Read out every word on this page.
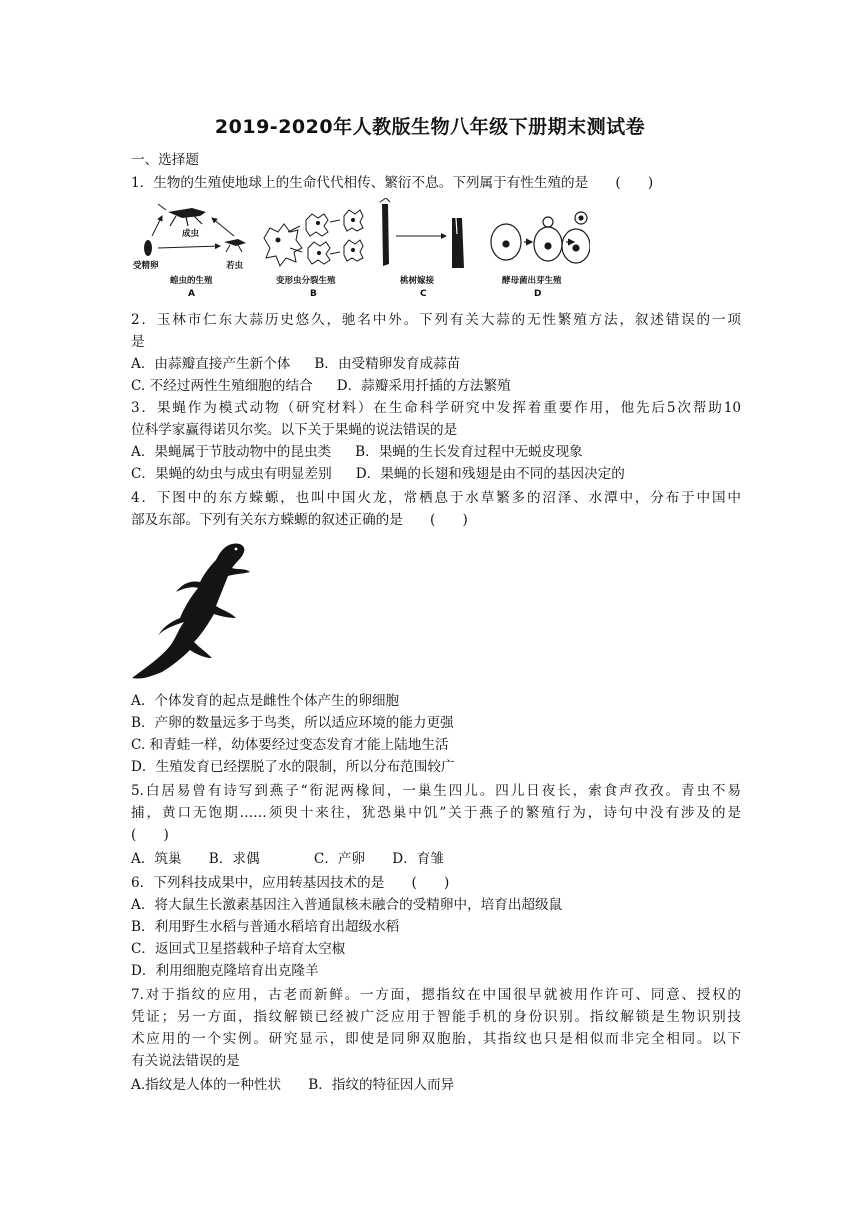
2019-2020年人教版生物八年级下册期末测试卷
一、选择题
1．生物的生殖使地球上的生命代代相传、繁衍不息。下列属于有性生殖的是　　(　　)
成虫
受精卵	若虫
蝗虫的生殖
A
变形虫分裂生殖
B
桃树嫁接
C
酵母菌出芽生殖
D
2．玉林市仁东大蒜历史悠久，驰名中外。下列有关大蒜的无性繁殖方法，叙述错误的一项
是
A．由蒜瓣直接产生新个体 B．由受精卵发育成蒜苗
C. 不经过两性生殖细胞的结合 D．蒜瓣采用扦插的方法繁殖
3．果蝇作为模式动物（研究材料）在生命科学研究中发挥着重要作用，他先后5次帮助10
位科学家赢得诺贝尔奖。以下关于果蝇的说法错误的是
A．果蝇属于节肢动物中的昆虫类 B．果蝇的生长发育过程中无蜕皮现象
C．果蝇的幼虫与成虫有明显差别 D．果蝇的长翅和残翅是由不同的基因决定的
4．下图中的东方蝾螈，也叫中国火龙，常栖息于水草繁多的沼泽、水潭中，分布于中国中
部及东部。下列有关东方蝾螈的叙述正确的是　　(　　)
A．个体发育的起点是雌性个体产生的卵细胞
B．产卵的数量远多于鸟类，所以适应环境的能力更强
C. 和青蛙一样，幼体要经过变态发育才能上陆地生活
D．生殖发育已经摆脱了水的限制，所以分布范围较广
5.白居易曾有诗写到燕子“衔泥两椽间，一巢生四儿。四儿日夜长，索食声孜孜。青虫不易
捕，黄口无饱期……须臾十来往，犹恐巢中饥”关于燕子的繁殖行为，诗句中没有涉及的是
(　　)
A．筑巢　　B．求偶　　　　C．产卵　　D．育雏
6．下列科技成果中，应用转基因技术的是　　(　　)
A．将大鼠生长激素基因注入普通鼠核未融合的受精卵中，培育出超级鼠
B．利用野生水稻与普通水稻培育出超级水稻
C．返回式卫星搭载种子培育太空椒
D．利用细胞克隆培育出克隆羊
7.对于指纹的应用，古老而新鲜。一方面，摁指纹在中国很早就被用作许可、同意、授权的
凭证；另一方面，指纹解锁已经被广泛应用于智能手机的身份识别。指纹解锁是生物识别技
术应用的一个实例。研究显示，即使是同卵双胞胎，其指纹也只是相似而非完全相同。以下
有关说法错误的是
A.指纹是人体的一种性状　　B．指纹的特征因人而异
